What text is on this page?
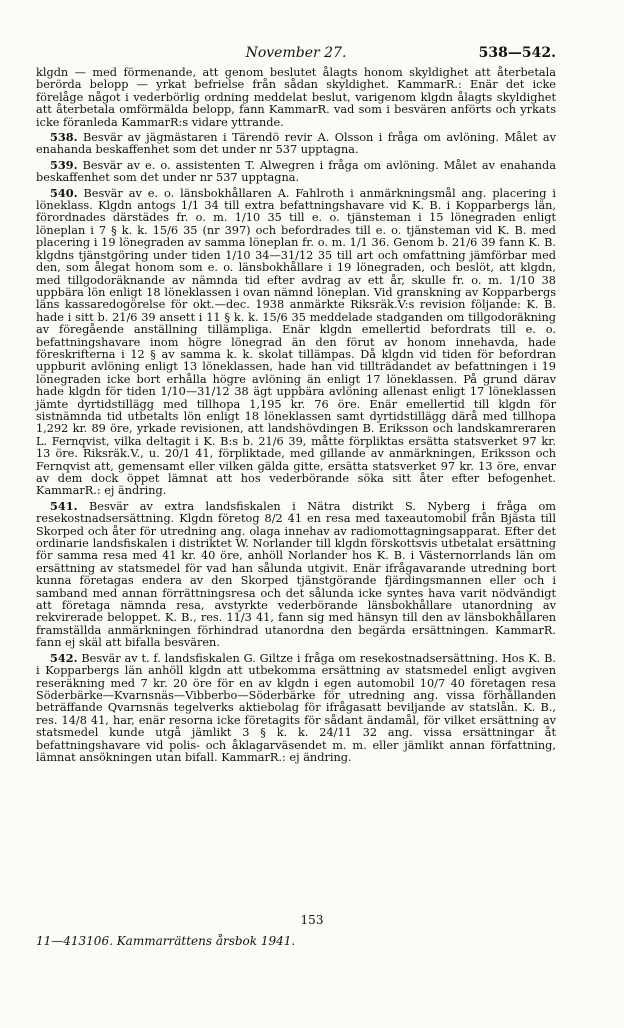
November 27.	538—542.

klgdn — med förmenande, att genom beslutet ålagts honom skyldighet att återbetala berörda belopp — yrkat befrielse från sådan skyldighet. KammarR.: Enär det icke förelåge något i vederbörlig ordning meddelat beslut, varigenom klgdn ålagts skyldighet att återbetala omförmälda belopp, fann KammarR. vad som i besvären anförts och yrkats icke föranleda KammarR:s vidare yttrande.

538. Besvär av jägmästaren i Tärendö revir A. Olsson i fråga om avlöning. Målet av enahanda beskaffenhet som det under nr 537 upptagna.

539. Besvär av e. o. assistenten T. Alwegren i fråga om avlöning. Målet av enahanda beskaffenhet som det under nr 537 upptagna.

540. Besvär av e. o. länsbokhållaren A. Fahlroth i anmärkningsmål ang. placering i löneklass. Klgdn antogs 1/1 34 till extra befattningshavare vid K. B. i Kopparbergs län, förordnades därstädes fr. o. m. 1/10 35 till e. o. tjänsteman i 15 lönegraden enligt löneplan i 7 § k. k. 15/6 35 (nr 397) och befordrades till e. o. tjänsteman vid K. B. med placering i 19 lönegraden av samma löneplan fr. o. m. 1/1 36. Genom b. 21/6 39 fann K. B. klgdns tjänstgöring under tiden 1/10 34—31/12 35 till art och omfattning jämförbar med den, som ålegat honom som e. o. länsbokhållare i 19 lönegraden, och beslöt, att klgdn, med tillgodoräknande av nämnda tid efter avdrag av ett år, skulle fr. o. m. 1/10 38 uppbära lön enligt 18 löneklassen i ovan nämnd löneplan. Vid granskning av Kopparbergs läns kassaredogörelse för okt.—dec. 1938 anmärkte Riksräk.V:s revision följande: K. B. hade i sitt b. 21/6 39 ansett i 11 § k. k. 15/6 35 meddelade stadganden om tillgodoräkning av föregående anställning tillämpliga. Enär klgdn emellertid befordrats till e. o. befattningshavare inom högre lönegrad än den förut av honom innehavda, hade föreskrifterna i 12 § av samma k. k. skolat tillämpas. Då klgdn vid tiden för befordran uppburit avlöning enligt 13 löneklassen, hade han vid tillträdandet av befattningen i 19 lönegraden icke bort erhålla högre avlöning än enligt 17 löneklassen. På grund därav hade klgdn för tiden 1/10—31/12 38 ägt uppbära avlöning allenast enligt 17 löneklassen jämte dyrtidstillägg med tillhopa 1,195 kr. 76 öre. Enär emellertid till klgdn för sistnämnda tid utbetalts lön enligt 18 löneklassen samt dyrtidstillägg därå med tillhopa 1,292 kr. 89 öre, yrkade revisionen, att landshövdingen B. Eriksson och landskamreraren L. Fernqvist, vilka deltagit i K. B:s b. 21/6 39, måtte förpliktas ersätta statsverket 97 kr. 13 öre. Riksräk.V., u. 20/1 41, förpliktade, med gillande av anmärkningen, Eriksson och Fernqvist att, gemensamt eller vilken gälda gitte, ersätta statsverket 97 kr. 13 öre, envar av dem dock öppet lämnat att hos vederbörande söka sitt åter efter befogenhet. KammarR.: ej ändring.

541. Besvär av extra landsfiskalen i Nätra distrikt S. Nyberg i fråga om resekostnadsersättning. Klgdn företog 8/2 41 en resa med taxeautomobil från Bjästa till Skorped och åter för utredning ang. olaga innehav av radiomottagningsapparat. Efter det ordinarie landsfiskalen i distriktet W. Norlander till klgdn förskottsvis utbetalat ersättning för samma resa med 41 kr. 40 öre, anhöll Norlander hos K. B. i Västernorrlands län om ersättning av statsmedel för vad han sålunda utgivit. Enär ifrågavarande utredning bort kunna företagas endera av den Skorped tjänstgörande fjärdingsmannen eller och i samband med annan förrättningsresa och det sålunda icke syntes hava varit nödvändigt att företaga nämnda resa, avstyrkte vederbörande länsbokhållare utanordning av rekvirerade beloppet. K. B., res. 11/3 41, fann sig med hänsyn till den av länsbokhållaren framställda anmärkningen förhindrad utanordna den begärda ersättningen. KammarR. fann ej skäl att bifalla besvären.

542. Besvär av t. f. landsfiskalen G. Giltze i fråga om resekostnadsersättning. Hos K. B. i Kopparbergs län anhöll klgdn att utbekomma ersättning av statsmedel enligt avgiven reseräkning med 7 kr. 20 öre för en av klgdn i egen automobil 10/7 40 företagen resa Söderbärke—Kvarnsnäs—Vibberbo—Söderbärke för utredning ang. vissa förhållanden beträffande Qvarnsnäs tegelverks aktiebolag för ifrågasatt beviljande av statslån. K. B., res. 14/8 41, har, enär resorna icke företagits för sådant ändamål, för vilket ersättning av statsmedel kunde utgå jämlikt 3 § k. k. 24/11 32 ang. vissa ersättningar åt befattningshavare vid polis- och åklagarväsendet m. m. eller jämlikt annan författning, lämnat ansökningen utan bifall. KammarR.: ej ändring.

153
11—413106. Kammarrättens årsbok 1941.
